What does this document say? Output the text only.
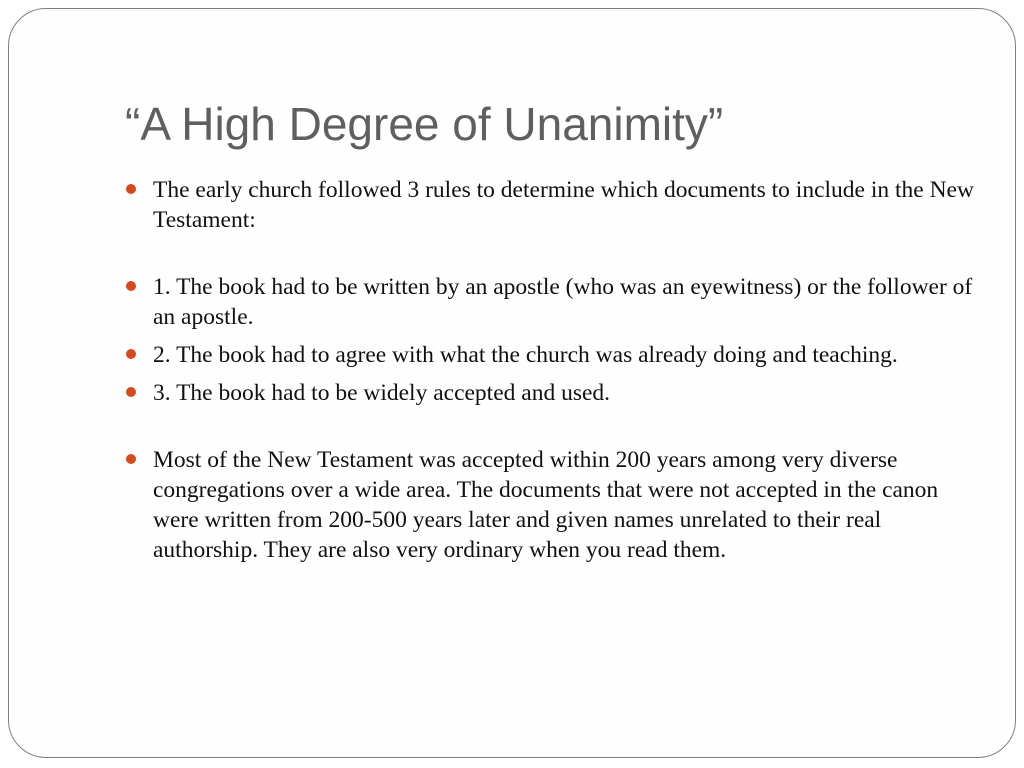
“A High Degree of Unanimity”
The early church followed 3 rules to determine which documents to include in the New Testament:
1. The book had to be written by an apostle (who was an eyewitness) or the follower of an apostle.
2. The book had to agree with what the church was already doing and teaching.
3. The book had to be widely accepted and used.
Most of the New Testament was accepted within 200 years among very diverse congregations over a wide area. The documents that were not accepted in the canon were written from 200-500 years later and given names unrelated to their real authorship. They are also very ordinary when you read them.
